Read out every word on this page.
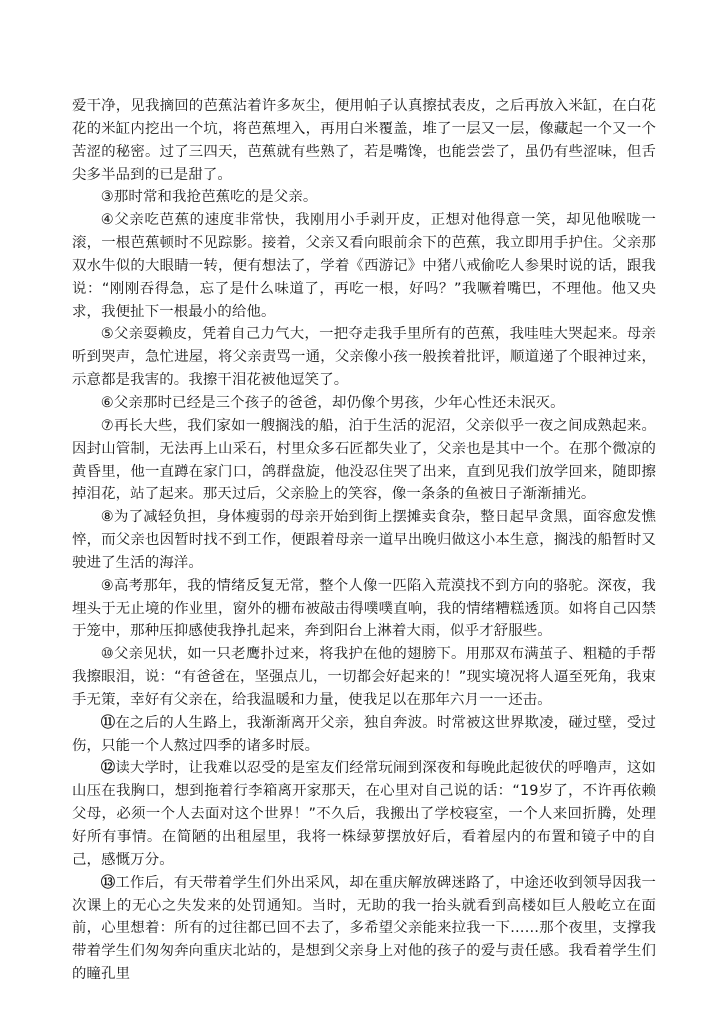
爱干净，见我摘回的芭蕉沾着许多灰尘，便用帕子认真擦拭表皮，之后再放入米缸，在白花花的米缸内挖出一个坑，将芭蕉埋入，再用白米覆盖，堆了一层又一层，像藏起一个又一个苦涩的秘密。过了三四天，芭蕉就有些熟了，若是嘴馋，也能尝尝了，虽仍有些涩味，但舌尖多半品到的已是甜了。

③那时常和我抢芭蕉吃的是父亲。

④父亲吃芭蕉的速度非常快，我刚用小手剥开皮，正想对他得意一笑，却见他喉咙一滚，一根芭蕉顿时不见踪影。接着，父亲又看向眼前余下的芭蕉，我立即用手护住。父亲那双水牛似的大眼睛一转，便有想法了，学着《西游记》中猪八戒偷吃人参果时说的话，跟我说：“刚刚吞得急，忘了是什么味道了，再吃一根，好吗？”我噘着嘴巴，不理他。他又央求，我便扯下一根最小的给他。

⑤父亲耍赖皮，凭着自己力气大，一把夺走我手里所有的芭蕉，我哇哇大哭起来。母亲听到哭声，急忙进屋，将父亲责骂一通，父亲像小孩一般挨着批评，顺道递了个眼神过来，示意都是我害的。我擦干泪花被他逗笑了。

⑥父亲那时已经是三个孩子的爸爸，却仍像个男孩，少年心性还未泯灭。

⑦再长大些，我们家如一艘搁浅的船，泊于生活的泥沼，父亲似乎一夜之间成熟起来。因封山管制，无法再上山采石，村里众多石匠都失业了，父亲也是其中一个。在那个微凉的黄昏里，他一直蹲在家门口，鸽群盘旋，他没忍住哭了出来，直到见我们放学回来，随即擦掉泪花，站了起来。那天过后，父亲脸上的笑容，像一条条的鱼被日子渐渐捕光。

⑧为了减轻负担，身体瘦弱的母亲开始到街上摆摊卖食杂，整日起早贪黑，面容愈发憔悴，而父亲也因暂时找不到工作，便跟着母亲一道早出晚归做这小本生意，搁浅的船暂时又驶进了生活的海洋。

⑨高考那年，我的情绪反复无常，整个人像一匹陷入荒漠找不到方向的骆驼。深夜，我埋头于无止境的作业里，窗外的栅布被敲击得噗噗直响，我的情绪糟糕透顶。如将自己囚禁于笼中，那种压抑感使我挣扎起来，奔到阳台上淋着大雨，似乎才舒服些。

⑩父亲见状，如一只老鹰扑过来，将我护在他的翅膀下。用那双布满茧子、粗糙的手帮我擦眼泪，说：“有爸爸在，坚强点儿，一切都会好起来的！”现实境况将人逼至死角，我束手无策，幸好有父亲在，给我温暖和力量，使我足以在那年六月一一还击。

⑪在之后的人生路上，我渐渐离开父亲，独自奔波。时常被这世界欺凌，碰过壁，受过伤，只能一个人熬过四季的诸多时辰。

⑫读大学时，让我难以忍受的是室友们经常玩闹到深夜和每晚此起彼伏的呼噜声，这如山压在我胸口，想到拖着行李箱离开家那天，在心里对自己说的话：“19岁了，不许再依赖父母，必须一个人去面对这个世界！”不久后，我搬出了学校寝室，一个人来回折腾，处理好所有事情。在简陋的出租屋里，我将一株绿萝摆放好后，看着屋内的布置和镜子中的自己，感慨万分。

⑬工作后，有天带着学生们外出采风，却在重庆解放碑迷路了，中途还收到领导因我一次课上的无心之失发来的处罚通知。当时，无助的我一抬头就看到高楼如巨人般屹立在面前，心里想着：所有的过往都已回不去了，多希望父亲能来拉我一下……那个夜里，支撑我带着学生们匆匆奔向重庆北站的，是想到父亲身上对他的孩子的爱与责任感。我看着学生们的瞳孔里
